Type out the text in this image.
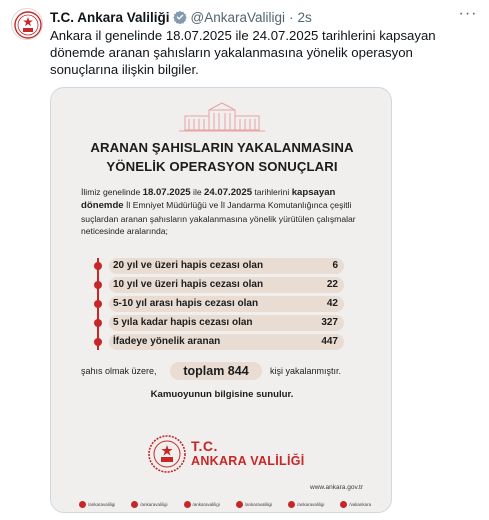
T.C. Ankara Valiliği @AnkaraValiligi · 2s	···
Ankara il genelinde 18.07.2025 ile 24.07.2025 tarihlerini kapsayan dönemde aranan şahısların yakalanmasına yönelik operasyon sonuçlarına ilişkin bilgiler.
ARANAN ŞAHISLARIN YAKALANMASINA
YÖNELİK OPERASYON SONUÇLARI
İlimiz genelinde 18.07.2025 ile 24.07.2025 tarihlerini kapsayan dönemde İl Emniyet Müdürlüğü ve İl Jandarma Komutanlığınca çeşitli suçlardan aranan şahısların yakalanmasına yönelik yürütülen çalışmalar neticesinde aralarında;
20 yıl ve üzeri hapis cezası olan	6
10 yıl ve üzeri hapis cezası olan	22
5-10 yıl arası hapis cezası olan	42
5 yıla kadar hapis cezası olan	327
İfadeye yönelik aranan	447
şahıs olmak üzere,	toplam 844	kişi yakalanmıştır.
Kamuoyunun bilgisine sunulur.
T.C.
ANKARA VALİLİĞİ
www.ankara.gov.tr
/ankaravaliligi	/ankaravaliligi	/ankaravaliligi	/ankaravaliligi	/ankaravaliligi	/valiankara
